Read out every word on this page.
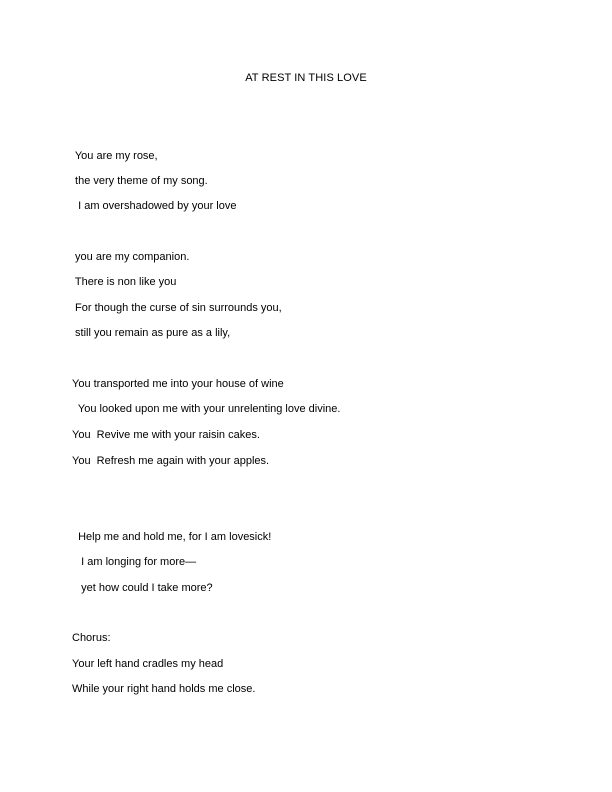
AT REST IN THIS LOVE
You are my rose,
the very theme of my song.
I am overshadowed by your love
you are my companion.
There is non like you
For though the curse of sin surrounds you,
still you remain as pure as a lily,
You transported me into your house of wine
You looked upon me with your unrelenting love divine.
You  Revive me with your raisin cakes.
You  Refresh me again with your apples.
Help me and hold me, for I am lovesick!
I am longing for more—
yet how could I take more?
Chorus:
Your left hand cradles my head
While your right hand holds me close.
